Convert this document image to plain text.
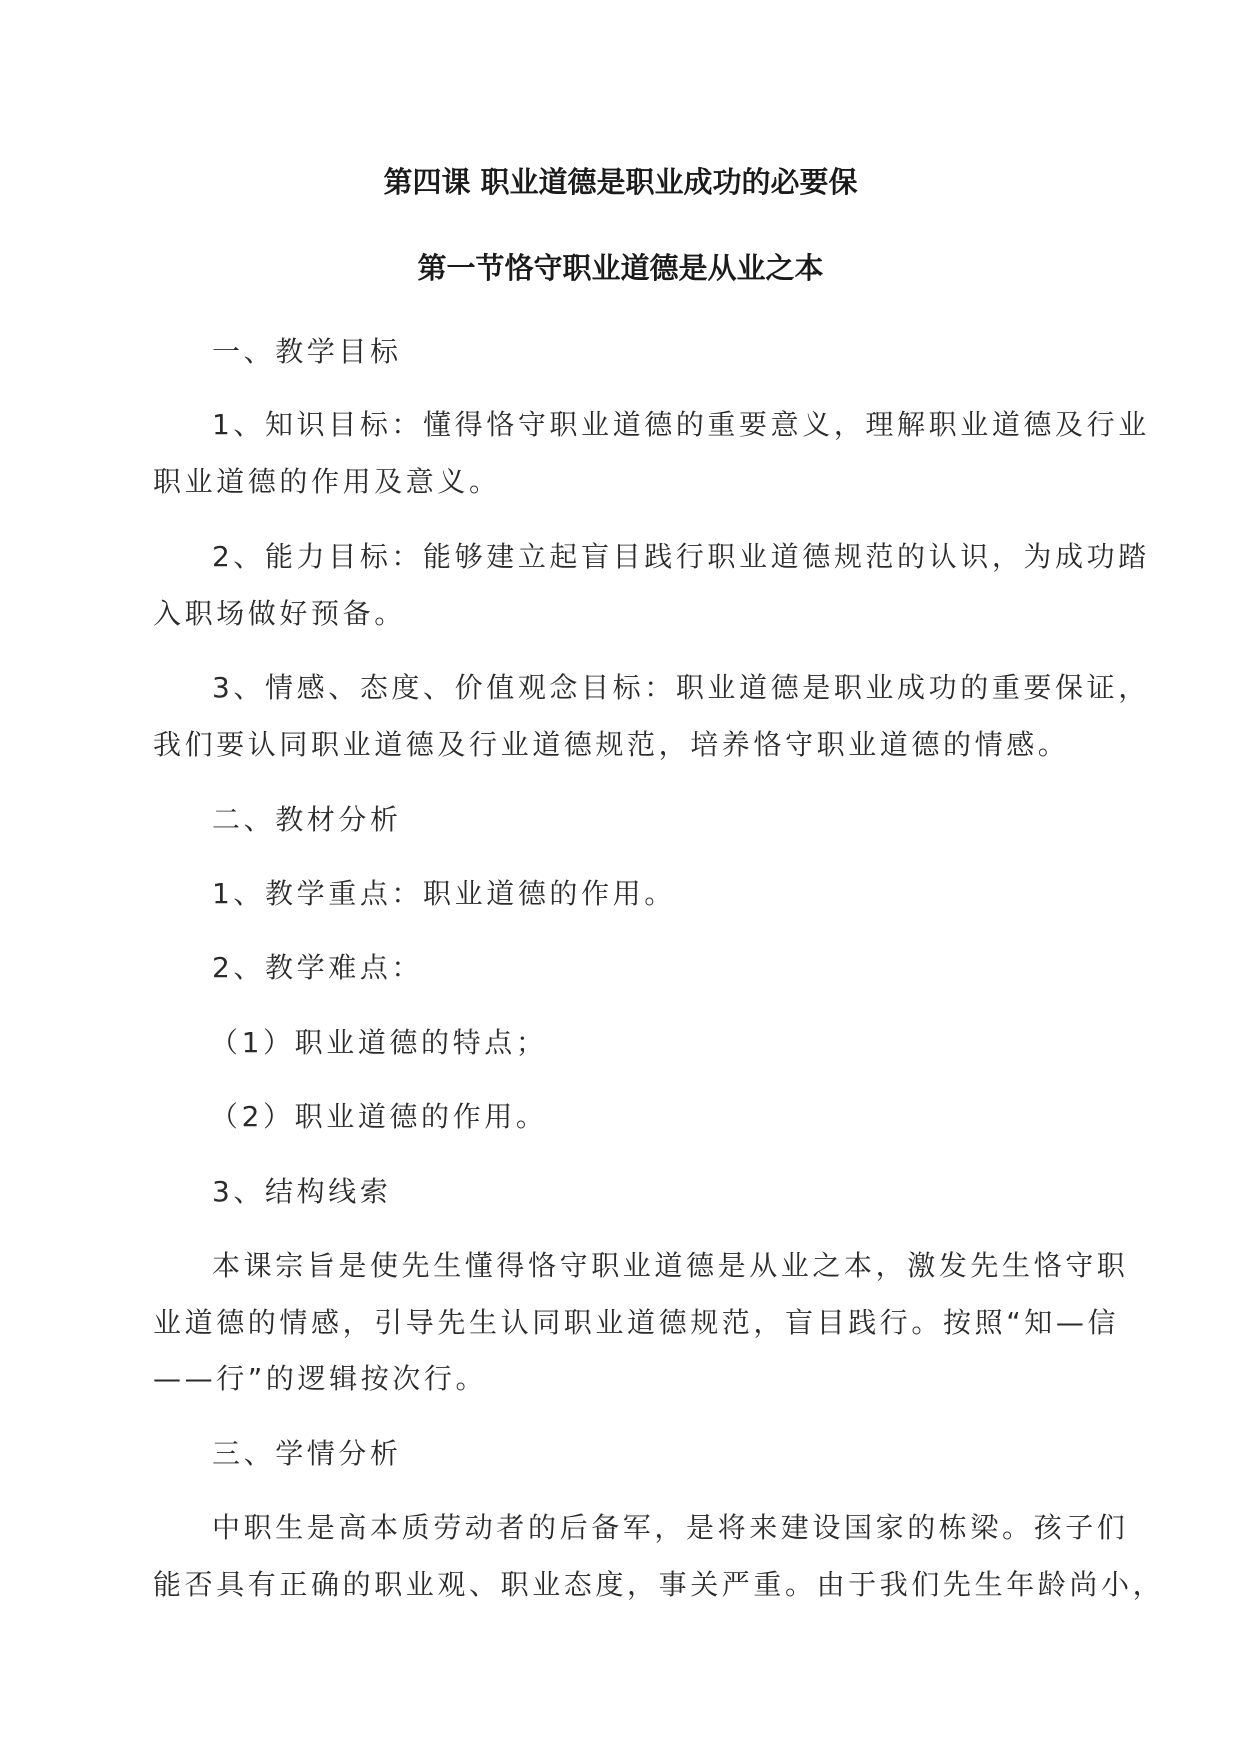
第四课 职业道德是职业成功的必要保
第一节恪守职业道德是从业之本
一、教学目标
1、知识目标：懂得恪守职业道德的重要意义，理解职业道德及行业
职业道德的作用及意义。
2、能力目标：能够建立起盲目践行职业道德规范的认识，为成功踏
入职场做好预备。
3、情感、态度、价值观念目标：职业道德是职业成功的重要保证，
我们要认同职业道德及行业道德规范，培养恪守职业道德的情感。
二、教材分析
1、教学重点：职业道德的作用。
2、教学难点：
（1）职业道德的特点；
（2）职业道德的作用。
3、结构线索
本课宗旨是使先生懂得恪守职业道德是从业之本，激发先生恪守职
业道德的情感，引导先生认同职业道德规范，盲目践行。按照“知—信
——行”的逻辑按次行。
三、学情分析
中职生是高本质劳动者的后备军，是将来建设国家的栋梁。孩子们
能否具有正确的职业观、职业态度，事关严重。由于我们先生年龄尚小，
